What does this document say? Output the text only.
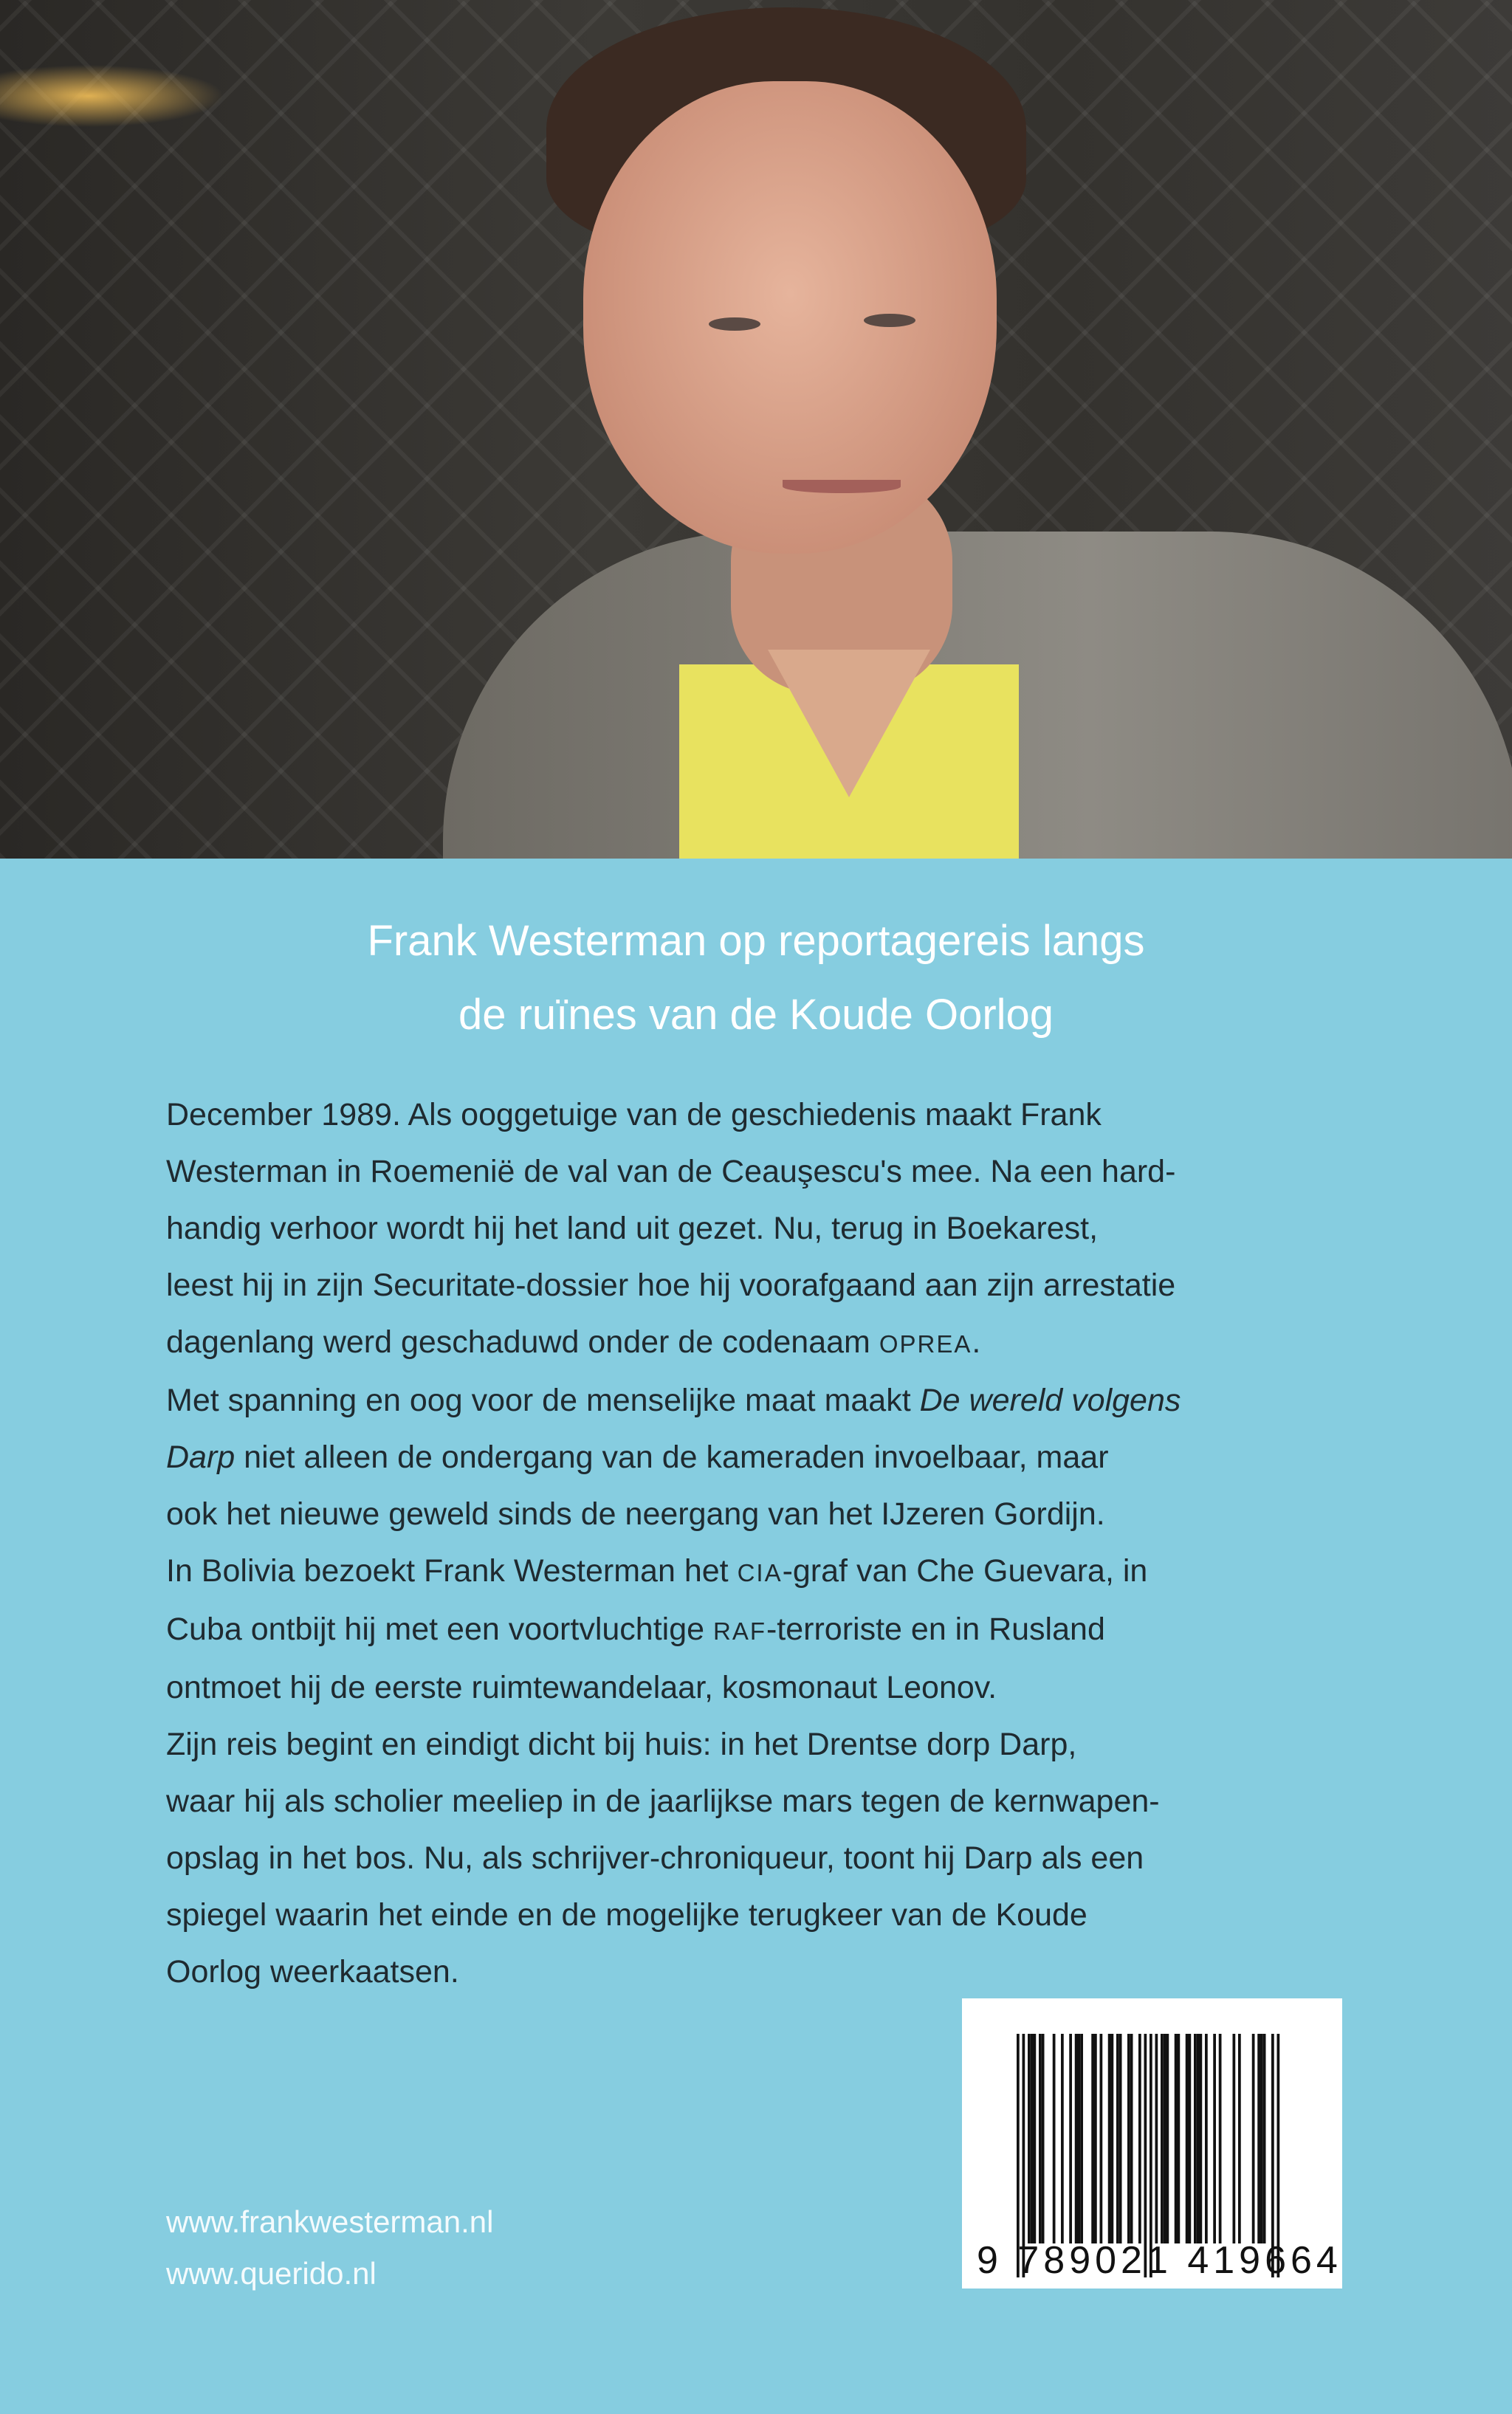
Frank Westerman op reportagereis langs
de ruïnes van de Koude Oorlog
December 1989. Als ooggetuige van de geschiedenis maakt Frank
Westerman in Roemenië de val van de Ceauşescu's mee. Na een hard-
handig verhoor wordt hij het land uit gezet. Nu, terug in Boekarest,
leest hij in zijn Securitate-dossier hoe hij voorafgaand aan zijn arrestatie
dagenlang werd geschaduwd onder de codenaam OPREA.
Met spanning en oog voor de menselijke maat maakt De wereld volgens
Darp niet alleen de ondergang van de kameraden invoelbaar, maar
ook het nieuwe geweld sinds de neergang van het IJzeren Gordijn.
In Bolivia bezoekt Frank Westerman het CIA-graf van Che Guevara, in
Cuba ontbijt hij met een voortvluchtige RAF-terroriste en in Rusland
ontmoet hij de eerste ruimtewandelaar, kosmonaut Leonov.
Zijn reis begint en eindigt dicht bij huis: in het Drentse dorp Darp,
waar hij als scholier meeliep in de jaarlijkse mars tegen de kernwapen-
opslag in het bos. Nu, als schrijver-chroniqueur, toont hij Darp als een
spiegel waarin het einde en de mogelijke terugkeer van de Koude
Oorlog weerkaatsen.
www.frankwesterman.nl
www.querido.nl	9 789021 419664
